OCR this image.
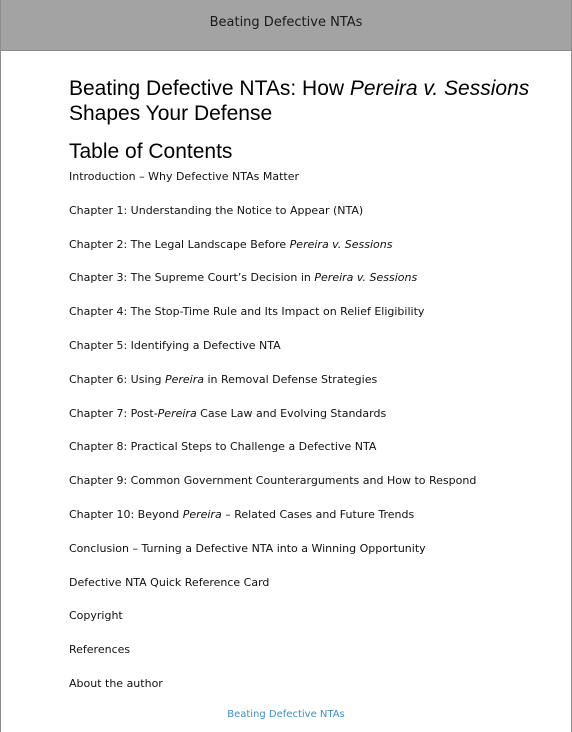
Beating Defective NTAs
Beating Defective NTAs: How Pereira v. Sessions Shapes Your Defense
Table of Contents
Introduction – Why Defective NTAs Matter
Chapter 1: Understanding the Notice to Appear (NTA)
Chapter 2: The Legal Landscape Before Pereira v. Sessions
Chapter 3: The Supreme Court’s Decision in Pereira v. Sessions
Chapter 4: The Stop-Time Rule and Its Impact on Relief Eligibility
Chapter 5: Identifying a Defective NTA
Chapter 6: Using Pereira in Removal Defense Strategies
Chapter 7: Post-Pereira Case Law and Evolving Standards
Chapter 8: Practical Steps to Challenge a Defective NTA
Chapter 9: Common Government Counterarguments and How to Respond
Chapter 10: Beyond Pereira – Related Cases and Future Trends
Conclusion – Turning a Defective NTA into a Winning Opportunity
Defective NTA Quick Reference Card
Copyright
References
About the author
Beating Defective NTAs
